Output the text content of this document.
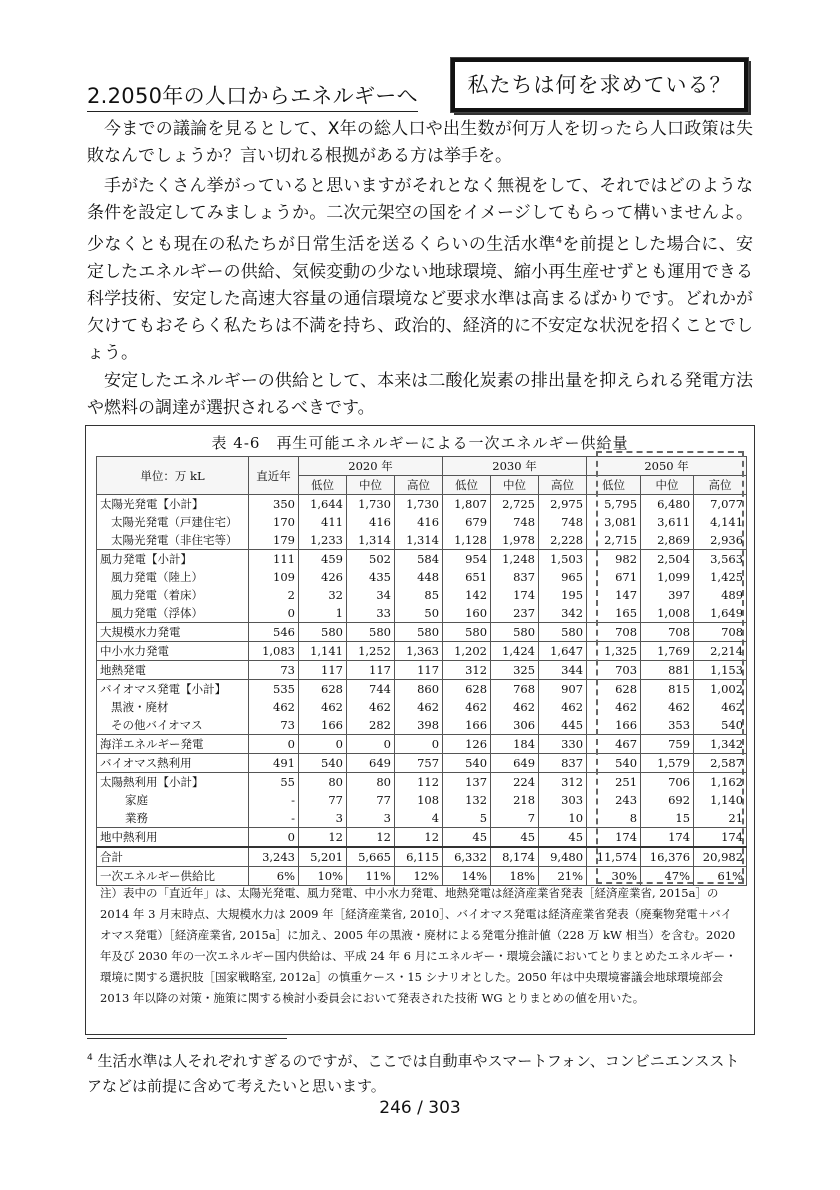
2.2050年の人口からエネルギーへ	私たちは何を求めている？

今までの議論を見るとして、X年の総人口や出生数が何万人を切ったら人口政策は失敗なんでしょうか？言い切れる根拠がある方は挙手を。

手がたくさん挙がっていると思いますがそれとなく無視をして、それではどのような条件を設定してみましょうか。二次元架空の国をイメージしてもらって構いませんよ。少なくとも現在の私たちが日常生活を送るくらいの生活水準$^4$を前提とした場合に、安定したエネルギーの供給、気候変動の少ない地球環境、縮小再生産せずとも運用できる科学技術、安定した高速大容量の通信環境など要求水準は高まるばかりです。どれかが欠けてもおそらく私たちは不満を持ち、政治的、経済的に不安定な状況を招くことでしょう。

安定したエネルギーの供給として、本来は二酸化炭素の排出量を抑えられる発電方法や燃料の調達が選択されるべきです。

表 4-6　再生可能エネルギーによる一次エネルギー供給量
単位：万 kL	直近年	2020 年			2030 年			2050 年		
		低位	中位	高位	低位	中位	高位	低位	中位	高位
太陽光発電【小計】	350	1,644	1,730	1,730	1,807	2,725	2,975	5,795	6,480	7,077
太陽光発電（戸建住宅）	170	411	416	416	679	748	748	3,081	3,611	4,141
太陽光発電（非住宅等）	179	1,233	1,314	1,314	1,128	1,978	2,228	2,715	2,869	2,936
風力発電【小計】	111	459	502	584	954	1,248	1,503	982	2,504	3,563
風力発電（陸上）	109	426	435	448	651	837	965	671	1,099	1,425
風力発電（着床）	2	32	34	85	142	174	195	147	397	489
風力発電（浮体）	0	1	33	50	160	237	342	165	1,008	1,649
大規模水力発電	546	580	580	580	580	580	580	708	708	708
中小水力発電	1,083	1,141	1,252	1,363	1,202	1,424	1,647	1,325	1,769	2,214
地熱発電	73	117	117	117	312	325	344	703	881	1,153
バイオマス発電【小計】	535	628	744	860	628	768	907	628	815	1,002
黒液・廃材	462	462	462	462	462	462	462	462	462	462
その他バイオマス	73	166	282	398	166	306	445	166	353	540
海洋エネルギー発電	0	0	0	0	126	184	330	467	759	1,342
バイオマス熱利用	491	540	649	757	540	649	837	540	1,579	2,587
太陽熱利用【小計】	55	80	80	112	137	224	312	251	706	1,162
家庭	-	77	77	108	132	218	303	243	692	1,140
業務	-	3	3	4	5	7	10	8	15	21
地中熱利用	0	12	12	12	45	45	45	174	174	174
合計	3,243	5,201	5,665	6,115	6,332	8,174	9,480	11,574	16,376	20,982
一次エネルギー供給比	6%	10%	11%	12%	14%	18%	21%	30%	47%	61%

注）表中の「直近年」は、太陽光発電、風力発電、中小水力発電、地熱発電は経済産業省発表［経済産業省, 2015a］の 2014 年 3 月末時点、大規模水力は 2009 年［経済産業省, 2010］、バイオマス発電は経済産業省発表（廃棄物発電＋バイオマス発電）［経済産業省, 2015a］に加え、2005 年の黒液・廃材による発電分推計値（228 万 kW 相当）を含む。2020 年及び 2030 年の一次エネルギー国内供給は、平成 24 年 6 月にエネルギー・環境会議においてとりまとめたエネルギー・環境に関する選択肢［国家戦略室, 2012a］の慎重ケース・15 シナリオとした。2050 年は中央環境審議会地球環境部会 2013 年以降の対策・施策に関する検討小委員会において発表された技術 WG とりまとめの値を用いた。

$^4$ 生活水準は人それぞれすぎるのですが、ここでは自動車やスマートフォン、コンビニエンスストアなどは前提に含めて考えたいと思います。

246 / 303
